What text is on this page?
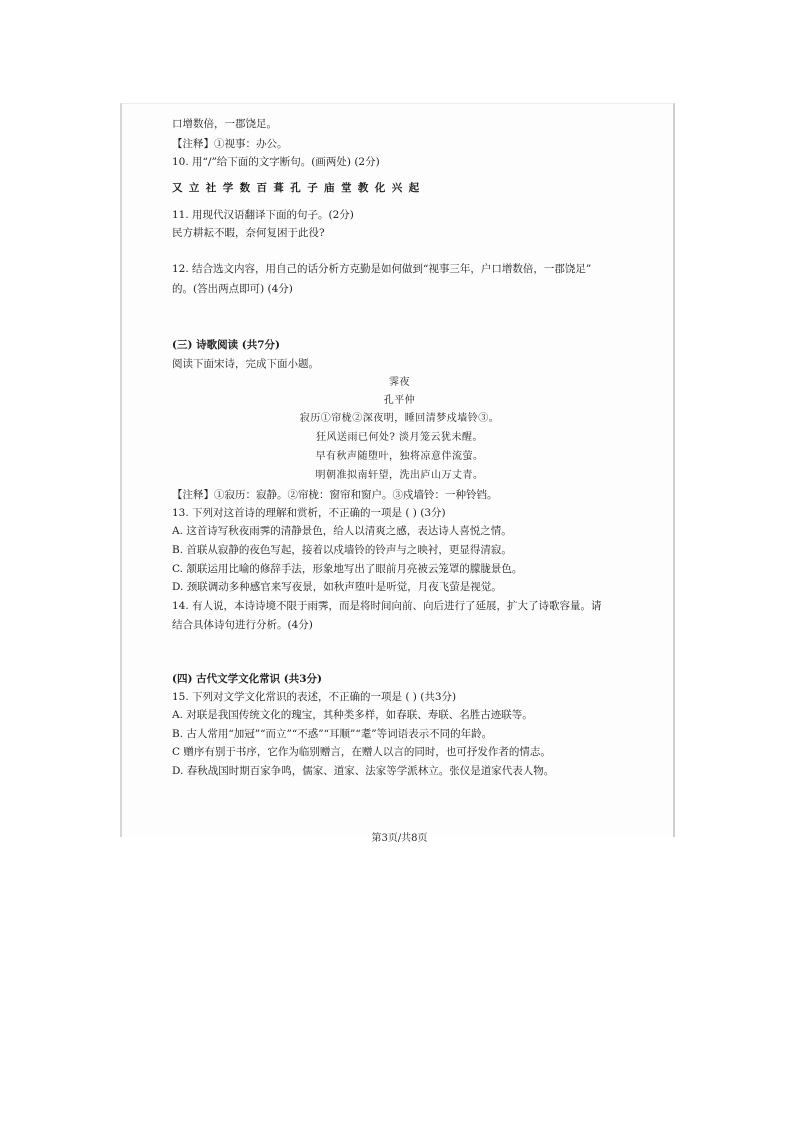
口增数倍，一郡饶足。
【注释】①视事：办公。
10. 用“/”给下面的文字断句。(画两处) (2分)
又立社学数百葺孔子庙堂教化兴起
11. 用现代汉语翻译下面的句子。(2分)
民方耕耘不暇，奈何复困于此役?
12. 结合选文内容，用自己的话分析方克勤是如何做到“视事三年，户口增数倍，一郡饶足”
的。(答出两点即可) (4分)
(三) 诗歌阅读 (共7分)
阅读下面宋诗，完成下面小题。
霁夜
孔平仲
寂历①帘栊②深夜明，睡回清梦戍墙铃③。
狂风送雨已何处? 淡月笼云犹未醒。
早有秋声随堕叶，独将凉意伴流萤。
明朝准拟南轩望，洗出庐山万丈青。
【注释】①寂历：寂静。②帘栊：窗帘和窗户。③戍墙铃：一种铃铛。
13. 下列对这首诗的理解和赏析，不正确的一项是 ( ) (3分)
A. 这首诗写秋夜雨霁的清静景色，给人以清爽之感，表达诗人喜悦之情。
B. 首联从寂静的夜色写起，接着以戍墙铃的铃声与之映衬，更显得清寂。
C. 颔联运用比喻的修辞手法，形象地写出了眼前月亮被云笼罩的朦胧景色。
D. 颈联调动多种感官来写夜景，如秋声堕叶是听觉，月夜飞萤是视觉。
14. 有人说，本诗诗境不限于雨霁，而是将时间向前、向后进行了延展，扩大了诗歌容量。请
结合具体诗句进行分析。(4分)
(四) 古代文学文化常识 (共3分)
15. 下列对文学文化常识的表述，不正确的一项是 ( ) (共3分)
A. 对联是我国传统文化的瑰宝，其种类多样，如春联、寿联、名胜古迹联等。
B. 古人常用“加冠”“而立”“不惑”“耳顺”“耄”等词语表示不同的年龄。
C 赠序有别于书序，它作为临别赠言，在赠人以言的同时，也可抒发作者的情志。
D. 春秋战国时期百家争鸣，儒家、道家、法家等学派林立。张仪是道家代表人物。
第3页/共8页
